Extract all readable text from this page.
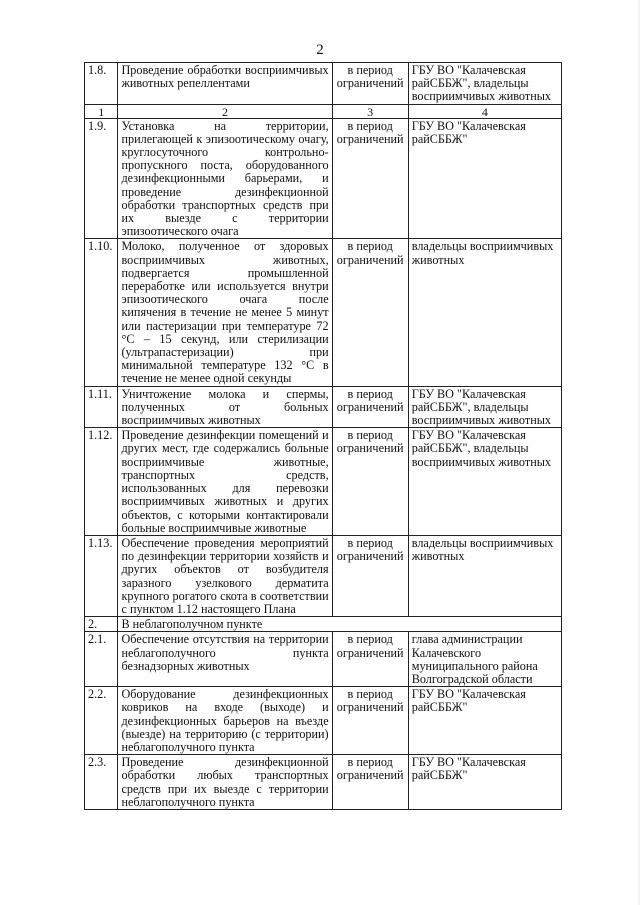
2
1.8.	Проведение обработки восприимчивых животных репеллентами	в период ограничений	ГБУ ВО "Калачевская райСББЖ", владельцы восприимчивых животных
1	2	3	4
1.9.	Установка на территории, прилегающей к эпизоотическому очагу, круглосуточного контрольно-пропускного поста, оборудованного дезинфекционными барьерами, и проведение дезинфекционной обработки транспортных средств при их выезде с территории эпизоотического очага	в период ограничений	ГБУ ВО "Калачевская райСББЖ"
1.10.	Молоко, полученное от здоровых восприимчивых животных, подвергается промышленной переработке или используется внутри эпизоотического очага после кипячения в течение не менее 5 минут или пастеризации при температуре 72 °С – 15 секунд, или стерилизации (ультрапастеризации) при минимальной температуре 132 °С в течение не менее одной секунды	в период ограничений	владельцы восприимчивых животных
1.11.	Уничтожение молока и спермы, полученных от больных восприимчивых животных	в период ограничений	ГБУ ВО "Калачевская райСББЖ", владельцы восприимчивых животных
1.12.	Проведение дезинфекции помещений и других мест, где содержались больные восприимчивые животные, транспортных средств, использованных для перевозки восприимчивых животных и других объектов, с которыми контактировали больные восприимчивые животные	в период ограничений	ГБУ ВО "Калачевская райСББЖ", владельцы восприимчивых животных
1.13.	Обеспечение проведения мероприятий по дезинфекции территории хозяйств и других объектов от возбудителя заразного узелкового дерматита крупного рогатого скота в соответствии с пунктом 1.12 настоящего Плана	в период ограничений	владельцы восприимчивых животных
2.	В неблагополучном пункте		
2.1.	Обеспечение отсутствия на территории неблагополучного пункта безнадзорных животных	в период ограничений	глава администрации Калачевского муниципального района Волгоградской области
2.2.	Оборудование дезинфекционных ковриков на входе (выходе) и дезинфекционных барьеров на въезде (выезде) на территорию (с территории) неблагополучного пункта	в период ограничений	ГБУ ВО "Калачевская райСББЖ"
2.3.	Проведение дезинфекционной обработки любых транспортных средств при их выезде с территории неблагополучного пункта	в период ограничений	ГБУ ВО "Калачевская райСББЖ"
